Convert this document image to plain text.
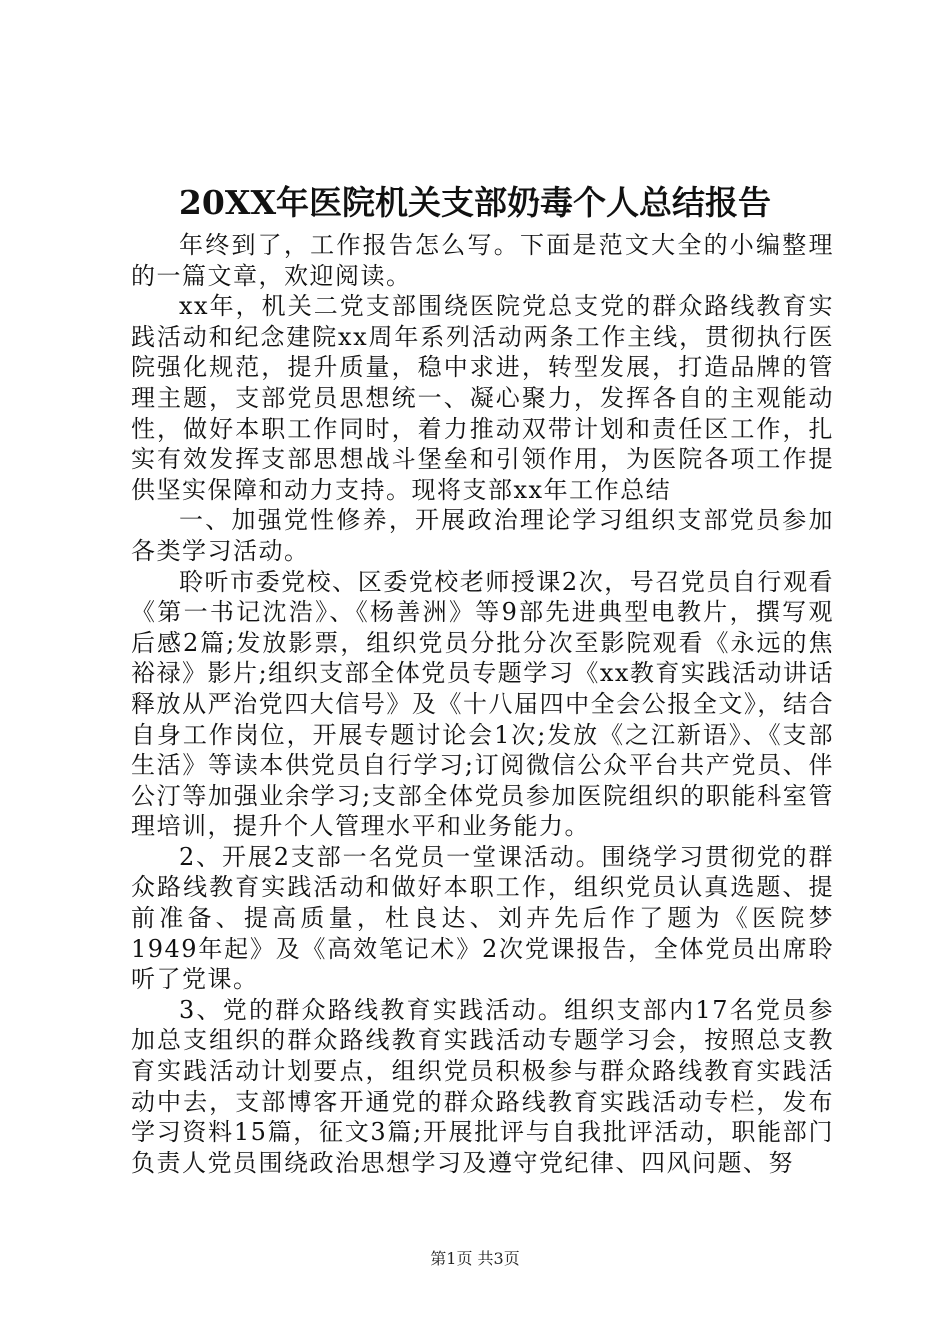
20XX年医院机关支部奶毒个人总结报告

年终到了，工作报告怎么写。下面是范文大全的小编整理的一篇文章，欢迎阅读。

xx年，机关二党支部围绕医院党总支党的群众路线教育实践活动和纪念建院xx周年系列活动两条工作主线，贯彻执行医院强化规范，提升质量，稳中求进，转型发展，打造品牌的管理主题，支部党员思想统一、凝心聚力，发挥各自的主观能动性，做好本职工作同时，着力推动双带计划和责任区工作，扎实有效发挥支部思想战斗堡垒和引领作用，为医院各项工作提供坚实保障和动力支持。现将支部xx年工作总结

一、加强党性修养，开展政治理论学习组织支部党员参加各类学习活动。

聆听市委党校、区委党校老师授课2次，号召党员自行观看《第一书记沈浩》、《杨善洲》等9部先进典型电教片，撰写观后感2篇;发放影票，组织党员分批分次至影院观看《永远的焦裕禄》影片;组织支部全体党员专题学习《xx教育实践活动讲话释放从严治党四大信号》及《十八届四中全会公报全文》，结合自身工作岗位，开展专题讨论会1次;发放《之江新语》、《支部生活》等读本供党员自行学习;订阅微信公众平台共产党员、伴公汀等加强业余学习;支部全体党员参加医院组织的职能科室管理培训，提升个人管理水平和业务能力。

2、开展2支部一名党员一堂课活动。围绕学习贯彻党的群众路线教育实践活动和做好本职工作，组织党员认真选题、提前准备、提高质量，杜良达、刘卉先后作了题为《医院梦1949年起》及《高效笔记术》2次党课报告，全体党员出席聆听了党课。

3、党的群众路线教育实践活动。组织支部内17名党员参加总支组织的群众路线教育实践活动专题学习会，按照总支教育实践活动计划要点，组织党员积极参与群众路线教育实践活动中去，支部博客开通党的群众路线教育实践活动专栏，发布学习资料15篇，征文3篇;开展批评与自我批评活动，职能部门负责人党员围绕政治思想学习及遵守党纪律、四风问题、努

第1页 共3页
